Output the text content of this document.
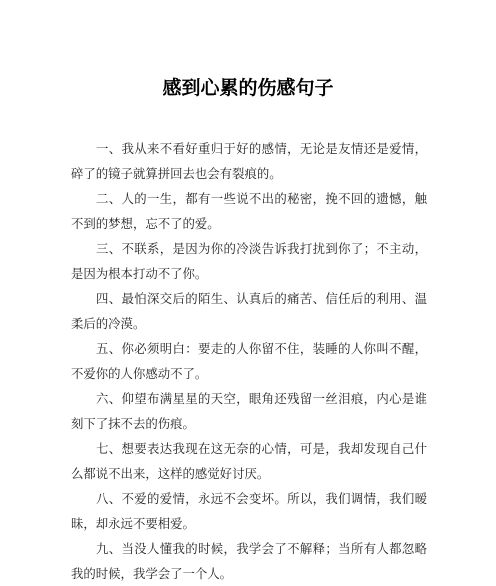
感到心累的伤感句子

一、我从来不看好重归于好的感情，无论是友情还是爱情，碎了的镜子就算拼回去也会有裂痕的。

二、人的一生，都有一些说不出的秘密，挽不回的遗憾，触不到的梦想，忘不了的爱。

三、不联系，是因为你的冷淡告诉我打扰到你了；不主动，是因为根本打动不了你。

四、最怕深交后的陌生、认真后的痛苦、信任后的利用、温柔后的冷漠。

五、你必须明白：要走的人你留不住，装睡的人你叫不醒，不爱你的人你感动不了。

六、仰望布满星星的天空，眼角还残留一丝泪痕，内心是谁刻下了抹不去的伤痕。

七、想要表达我现在这无奈的心情，可是，我却发现自己什么都说不出来，这样的感觉好讨厌。

八、不爱的爱情，永远不会变坏。所以，我们调情，我们暧昧，却永远不要相爱。

九、当没人懂我的时候，我学会了不解释；当所有人都忽略我的时候，我学会了一个人。
